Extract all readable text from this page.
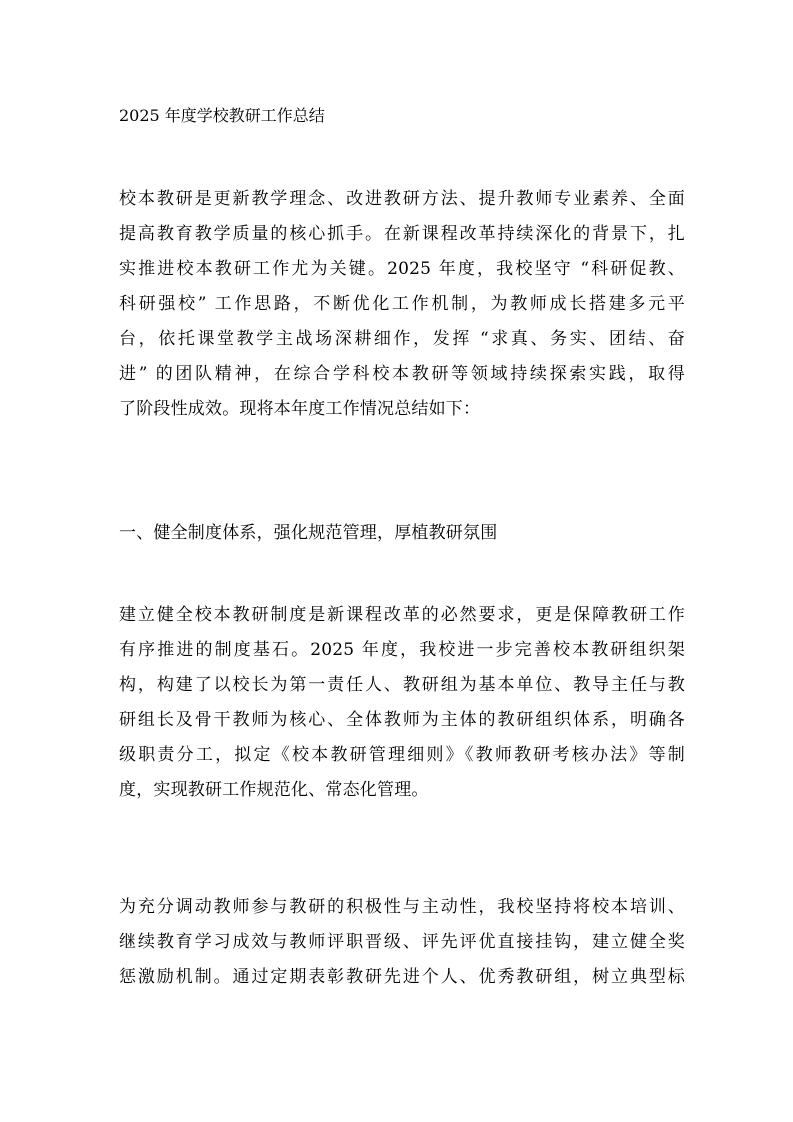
2025 年度学校教研工作总结
校本教研是更新教学理念、改进教研方法、提升教师专业素养、全面
提高教育教学质量的核心抓手。在新课程改革持续深化的背景下，扎
实推进校本教研工作尤为关键。2025 年度，我校坚守 “科研促教、
科研强校” 工作思路，不断优化工作机制，为教师成长搭建多元平
台，依托课堂教学主战场深耕细作，发挥 “求真、务实、团结、奋
进” 的团队精神，在综合学科校本教研等领域持续探索实践，取得
了阶段性成效。现将本年度工作情况总结如下：
一、健全制度体系，强化规范管理，厚植教研氛围
建立健全校本教研制度是新课程改革的必然要求，更是保障教研工作
有序推进的制度基石。2025 年度，我校进一步完善校本教研组织架
构，构建了以校长为第一责任人、教研组为基本单位、教导主任与教
研组长及骨干教师为核心、全体教师为主体的教研组织体系，明确各
级职责分工，拟定《校本教研管理细则》《教师教研考核办法》等制
度，实现教研工作规范化、常态化管理。
为充分调动教师参与教研的积极性与主动性，我校坚持将校本培训、
继续教育学习成效与教师评职晋级、评先评优直接挂钩，建立健全奖
惩激励机制。通过定期表彰教研先进个人、优秀教研组，树立典型标
